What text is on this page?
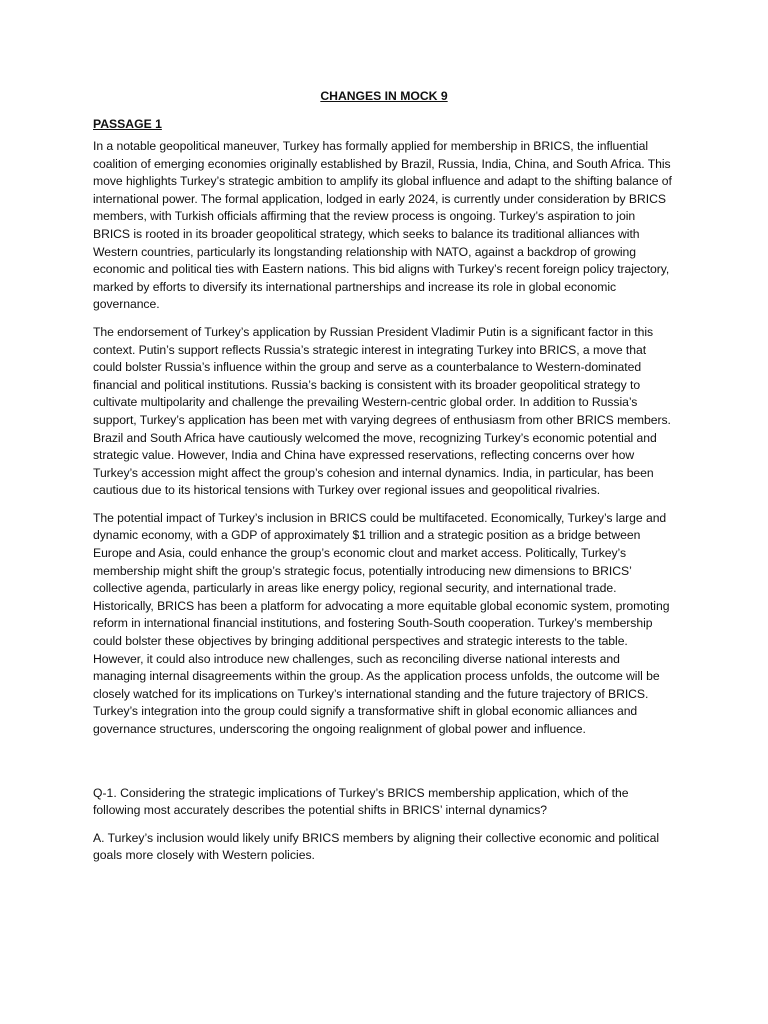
CHANGES IN MOCK 9
PASSAGE 1

In a notable geopolitical maneuver, Turkey has formally applied for membership in BRICS, the influential coalition of emerging economies originally established by Brazil, Russia, India, China, and South Africa. This move highlights Turkey’s strategic ambition to amplify its global influence and adapt to the shifting balance of international power. The formal application, lodged in early 2024, is currently under consideration by BRICS members, with Turkish officials affirming that the review process is ongoing. Turkey’s aspiration to join BRICS is rooted in its broader geopolitical strategy, which seeks to balance its traditional alliances with Western countries, particularly its longstanding relationship with NATO, against a backdrop of growing economic and political ties with Eastern nations. This bid aligns with Turkey’s recent foreign policy trajectory, marked by efforts to diversify its international partnerships and increase its role in global economic governance.

The endorsement of Turkey’s application by Russian President Vladimir Putin is a significant factor in this context. Putin’s support reflects Russia’s strategic interest in integrating Turkey into BRICS, a move that could bolster Russia’s influence within the group and serve as a counterbalance to Western-dominated financial and political institutions. Russia’s backing is consistent with its broader geopolitical strategy to cultivate multipolarity and challenge the prevailing Western-centric global order. In addition to Russia’s support, Turkey’s application has been met with varying degrees of enthusiasm from other BRICS members. Brazil and South Africa have cautiously welcomed the move, recognizing Turkey’s economic potential and strategic value. However, India and China have expressed reservations, reflecting concerns over how Turkey’s accession might affect the group’s cohesion and internal dynamics. India, in particular, has been cautious due to its historical tensions with Turkey over regional issues and geopolitical rivalries.

The potential impact of Turkey’s inclusion in BRICS could be multifaceted. Economically, Turkey’s large and dynamic economy, with a GDP of approximately $1 trillion and a strategic position as a bridge between Europe and Asia, could enhance the group’s economic clout and market access. Politically, Turkey’s membership might shift the group’s strategic focus, potentially introducing new dimensions to BRICS’ collective agenda, particularly in areas like energy policy, regional security, and international trade. Historically, BRICS has been a platform for advocating a more equitable global economic system, promoting reform in international financial institutions, and fostering South-South cooperation. Turkey’s membership could bolster these objectives by bringing additional perspectives and strategic interests to the table. However, it could also introduce new challenges, such as reconciling diverse national interests and managing internal disagreements within the group. As the application process unfolds, the outcome will be closely watched for its implications on Turkey’s international standing and the future trajectory of BRICS. Turkey’s integration into the group could signify a transformative shift in global economic alliances and governance structures, underscoring the ongoing realignment of global power and influence.

Q-1. Considering the strategic implications of Turkey’s BRICS membership application, which of the following most accurately describes the potential shifts in BRICS’ internal dynamics?

A. Turkey’s inclusion would likely unify BRICS members by aligning their collective economic and political goals more closely with Western policies.
